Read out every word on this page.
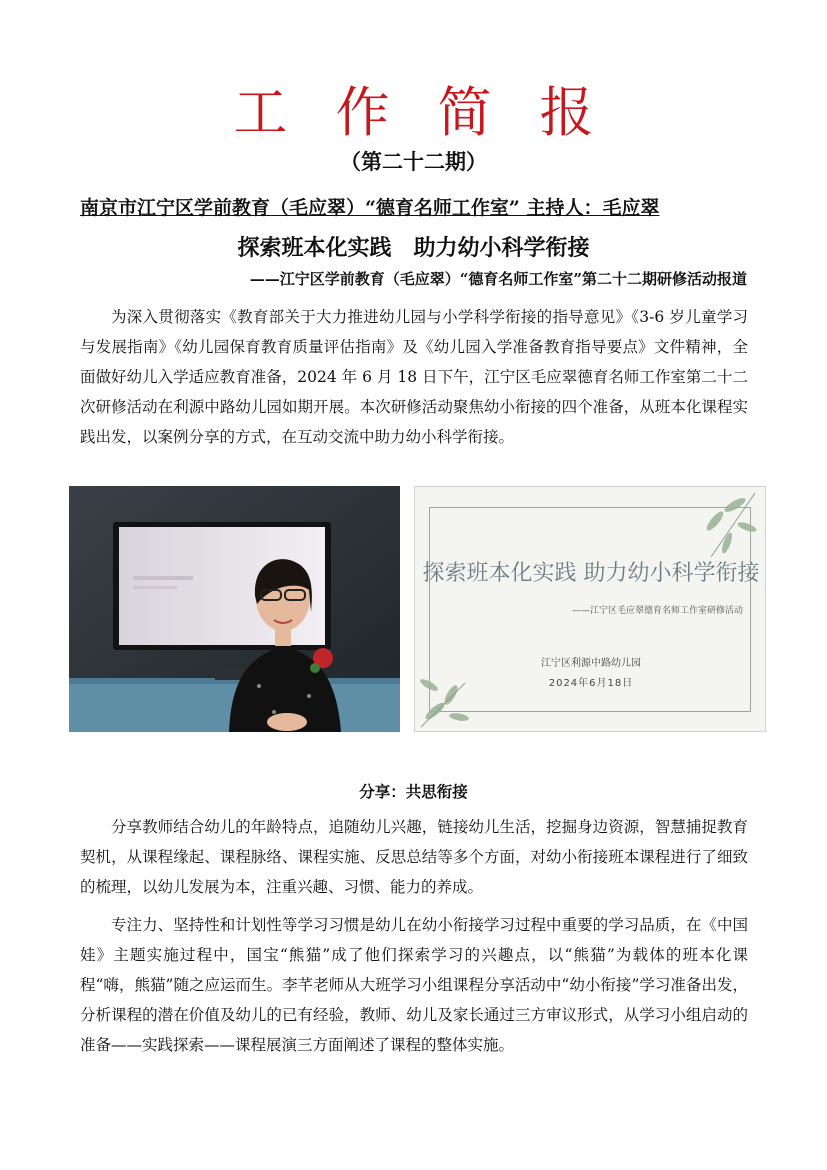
工作简报
（第二十二期）
南京市江宁区学前教育（毛应翠）“德育名师工作室” 主持人：毛应翠
探索班本化实践　助力幼小科学衔接
——江宁区学前教育（毛应翠）“德育名师工作室”第二十二期研修活动报道

为深入贯彻落实《教育部关于大力推进幼儿园与小学科学衔接的指导意见》《3-6 岁儿童学习与发展指南》《幼儿园保育教育质量评估指南》及《幼儿园入学准备教育指导要点》文件精神，全面做好幼儿入学适应教育准备，2024 年 6 月 18 日下午，江宁区毛应翠德育名师工作室第二十二次研修活动在利源中路幼儿园如期开展。本次研修活动聚焦幼小衔接的四个准备，从班本化课程实践出发，以案例分享的方式，在互动交流中助力幼小科学衔接。

探索班本化实践 助力幼小科学衔接
——江宁区毛应翠德育名师工作室研修活动
江宁区利源中路幼儿园
2024年6月18日
分享：共思衔接

分享教师结合幼儿的年龄特点，追随幼儿兴趣，链接幼儿生活，挖掘身边资源，智慧捕捉教育契机，从课程缘起、课程脉络、课程实施、反思总结等多个方面，对幼小衔接班本课程进行了细致的梳理，以幼儿发展为本，注重兴趣、习惯、能力的养成。

专注力、坚持性和计划性等学习习惯是幼儿在幼小衔接学习过程中重要的学习品质，在《中国娃》主题实施过程中，国宝“熊猫”成了他们探索学习的兴趣点，以“熊猫”为载体的班本化课程“嗨，熊猫”随之应运而生。李芊老师从大班学习小组课程分享活动中“幼小衔接”学习准备出发，分析课程的潜在价值及幼儿的已有经验，教师、幼儿及家长通过三方审议形式，从学习小组启动的准备——实践探索——课程展演三方面阐述了课程的整体实施。
